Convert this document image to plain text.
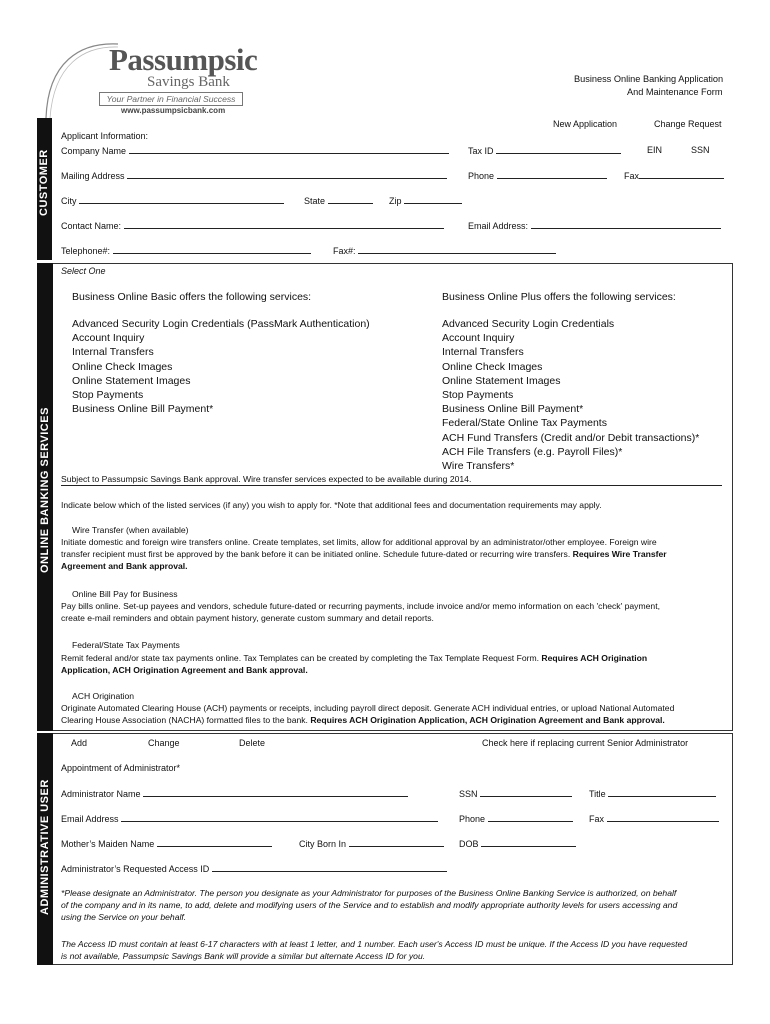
Passumpsic
Savings Bank
Your Partner in Financial Success
www.passumpsicbank.com
Business Online Banking Application
And Maintenance Form
New Application	Change Request
CUSTOMER
Applicant Information:
Company Name	Tax ID	EIN	SSN
Mailing Address	Phone	Fax
City	State	Zip
Contact Name:	Email Address:
Telephone#:	Fax#:
ONLINE BANKING SERVICES
Select One
Business Online Basic offers the following services:	Business Online Plus offers the following services:
Advanced Security Login Credentials (PassMark Authentication)
Account Inquiry
Internal Transfers
Online Check Images
Online Statement Images
Stop Payments
Business Online Bill Payment*
Advanced Security Login Credentials
Account Inquiry
Internal Transfers
Online Check Images
Online Statement Images
Stop Payments
Business Online Bill Payment*
Federal/State Online Tax Payments
ACH Fund Transfers (Credit and/or Debit transactions)*
ACH File Transfers (e.g. Payroll Files)*
Wire Transfers*
Subject to Passumpsic Savings Bank approval. Wire transfer services expected to be available during 2014.
Indicate below which of the listed services (if any) you wish to apply for. *Note that additional fees and documentation requirements may apply.
Wire Transfer (when available)
Initiate domestic and foreign wire transfers online. Create templates, set limits, allow for additional approval by an administrator/other employee. Foreign wire
transfer recipient must first be approved by the bank before it can be initiated online. Schedule future-dated or recurring wire transfers. Requires Wire Transfer
Agreement and Bank approval.
Online Bill Pay for Business
Pay bills online. Set-up payees and vendors, schedule future-dated or recurring payments, include invoice and/or memo information on each 'check' payment,
create e-mail reminders and obtain payment history, generate custom summary and detail reports.
Federal/State Tax Payments
Remit federal and/or state tax payments online. Tax Templates can be created by completing the Tax Template Request Form. Requires ACH Origination
Application, ACH Origination Agreement and Bank approval.
ACH Origination
Originate Automated Clearing House (ACH) payments or receipts, including payroll direct deposit. Generate ACH individual entries, or upload National Automated
Clearing House Association (NACHA) formatted files to the bank. Requires ACH Origination Application, ACH Origination Agreement and Bank approval.
ADMINISTRATIVE USER
Add	Change	Delete	Check here if replacing current Senior Administrator
Appointment of Administrator*
Administrator Name	SSN	Title
Email Address	Phone	Fax
Mother’s Maiden Name	City Born In	DOB
Administrator’s Requested Access ID
*Please designate an Administrator. The person you designate as your Administrator for purposes of the Business Online Banking Service is authorized, on behalf
of the company and in its name, to add, delete and modifying users of the Service and to establish and modify appropriate authority levels for users accessing and
using the Service on your behalf.
The Access ID must contain at least 6-17 characters with at least 1 letter, and 1 number. Each user's Access ID must be unique. If the Access ID you have requested
is not available, Passumpsic Savings Bank will provide a similar but alternate Access ID for you.
